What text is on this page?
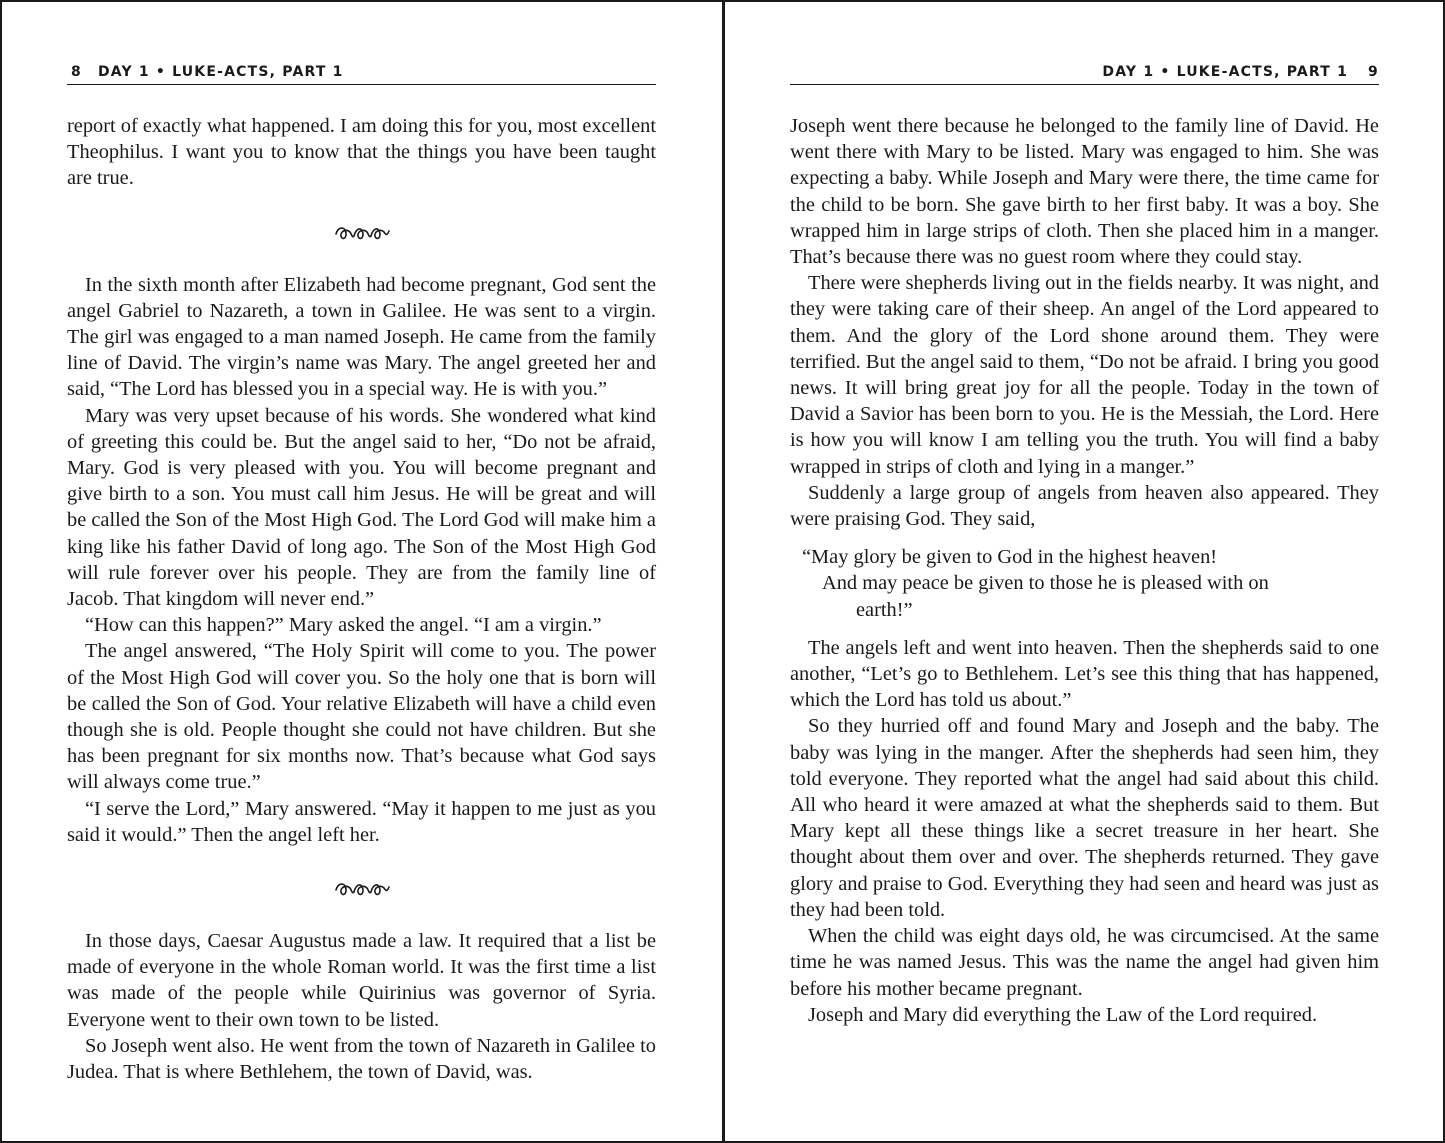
8 DAY 1 • LUKE-ACTS, PART 1

report of exactly what happened. I am doing this for you, most excellent Theophilus. I want you to know that the things you have been taught are true.

In the sixth month after Elizabeth had become pregnant, God sent the angel Gabriel to Nazareth, a town in Galilee. He was sent to a virgin. The girl was engaged to a man named Joseph. He came from the family line of David. The virgin’s name was Mary. The angel greeted her and said, “The Lord has blessed you in a special way. He is with you.”

Mary was very upset because of his words. She wondered what kind of greeting this could be. But the angel said to her, “Do not be afraid, Mary. God is very pleased with you. You will become pregnant and give birth to a son. You must call him Jesus. He will be great and will be called the Son of the Most High God. The Lord God will make him a king like his father David of long ago. The Son of the Most High God will rule forever over his people. They are from the family line of Jacob. That kingdom will never end.”

“How can this happen?” Mary asked the angel. “I am a virgin.”

The angel answered, “The Holy Spirit will come to you. The power of the Most High God will cover you. So the holy one that is born will be called the Son of God. Your relative Elizabeth will have a child even though she is old. People thought she could not have children. But she has been pregnant for six months now. That’s because what God says will always come true.”

“I serve the Lord,” Mary answered. “May it happen to me just as you said it would.” Then the angel left her.

In those days, Caesar Augustus made a law. It required that a list be made of everyone in the whole Roman world. It was the first time a list was made of the people while Quirinius was governor of Syria. Everyone went to their own town to be listed.

So Joseph went also. He went from the town of Nazareth in Galilee to Judea. That is where Bethlehem, the town of David, was.

DAY 1 • LUKE-ACTS, PART 1 9

Joseph went there because he belonged to the family line of David. He went there with Mary to be listed. Mary was engaged to him. She was expecting a baby. While Joseph and Mary were there, the time came for the child to be born. She gave birth to her first baby. It was a boy. She wrapped him in large strips of cloth. Then she placed him in a manger. That’s because there was no guest room where they could stay.

There were shepherds living out in the fields nearby. It was night, and they were taking care of their sheep. An angel of the Lord appeared to them. And the glory of the Lord shone around them. They were terrified. But the angel said to them, “Do not be afraid. I bring you good news. It will bring great joy for all the people. Today in the town of David a Savior has been born to you. He is the Messiah, the Lord. Here is how you will know I am telling you the truth. You will find a baby wrapped in strips of cloth and lying in a manger.”

Suddenly a large group of angels from heaven also appeared. They were praising God. They said,

“May glory be given to God in the highest heaven!
And may peace be given to those he is pleased with on
earth!”

The angels left and went into heaven. Then the shepherds said to one another, “Let’s go to Bethlehem. Let’s see this thing that has happened, which the Lord has told us about.”

So they hurried off and found Mary and Joseph and the baby. The baby was lying in the manger. After the shepherds had seen him, they told everyone. They reported what the angel had said about this child. All who heard it were amazed at what the shepherds said to them. But Mary kept all these things like a secret treasure in her heart. She thought about them over and over. The shepherds returned. They gave glory and praise to God. Everything they had seen and heard was just as they had been told.

When the child was eight days old, he was circumcised. At the same time he was named Jesus. This was the name the angel had given him before his mother became pregnant.

Joseph and Mary did everything the Law of the Lord required.
